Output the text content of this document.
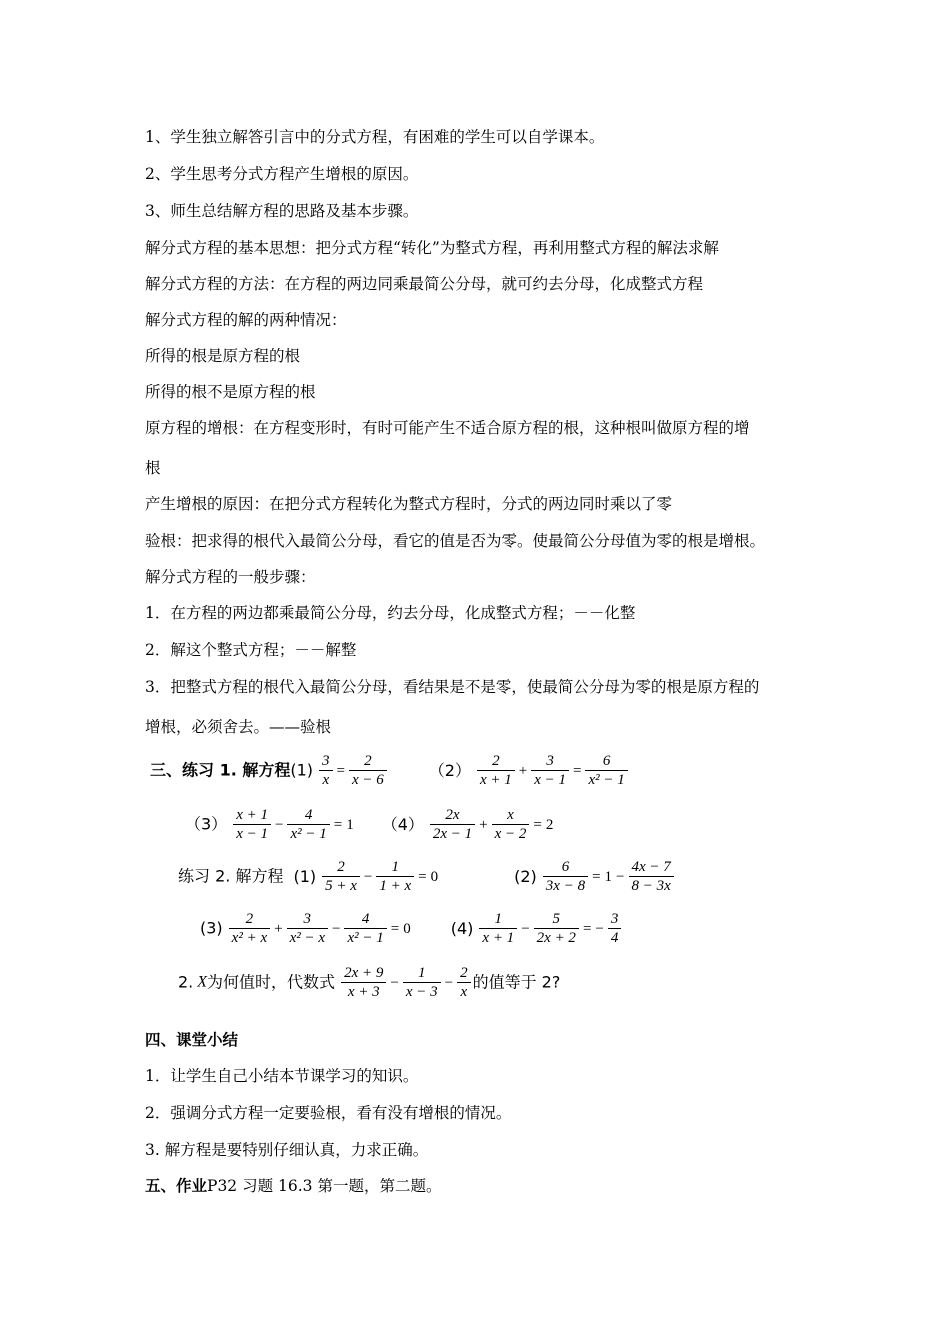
1、学生独立解答引言中的分式方程，有困难的学生可以自学课本。
2、学生思考分式方程产生增根的原因。
3、师生总结解方程的思路及基本步骤。
解分式方程的基本思想：把分式方程“转化”为整式方程，再利用整式方程的解法求解
解分式方程的方法：在方程的两边同乘最简公分母，就可约去分母，化成整式方程
解分式方程的解的两种情况：
所得的根是原方程的根
所得的根不是原方程的根
原方程的增根：在方程变形时，有时可能产生不适合原方程的根，这种根叫做原方程的增
根
产生增根的原因：在把分式方程转化为整式方程时，分式的两边同时乘以了零
验根：把求得的根代入最简公分母，看它的值是否为零。使最简公分母值为零的根是增根。
解分式方程的一般步骤：
1．在方程的两边都乘最简公分母，约去分母，化成整式方程；－－化整
2．解这个整式方程；－－解整
3．把整式方程的根代入最简公分母，看结果是不是零，使最简公分母为零的根是原方程的
增根，必须舍去。——验根
三、练习 1. 解方程$(1) \frac{3}{x} = \frac{2}{x - 6}$	$(2) \frac{2}{x + 1} + \frac{3}{x - 1} = \frac{6}{\text{x² − 1}}$
$(3) \frac{x + 1}{x - 1} - \frac{4}{\text{x² − 1}} = 1$ $(4) \frac{2x}{2x - 1} + \frac{x}{x - 2} = 2$
练习 2. 解方程 $(1) \frac{2}{5 + x} - \frac{1}{1 + x} = 0$	$(2) \frac{6}{3x - 8} = 1 - \frac{4x - 7}{8 - 3x}$
$(3) \frac{2}{\text{x² + x}} + \frac{3}{\text{x² − x}} - \frac{4}{\text{x² − 1}} = 0$	$(4) \frac{1}{x + 1} - \frac{5}{2x + 2}$ = − $\frac{3}{4}$
2. X为何值时，代数式 $\frac{2x + 9}{x + 3} - \frac{1}{x - 3} - \frac{2}{x}$ 的值等于 2?
四、课堂小结
1．让学生自己小结本节课学习的知识。
2．强调分式方程一定要验根，看有没有增根的情况。
3. 解方程是要特别仔细认真，力求正确。
五、作业P32 习题 16.3 第一题，第二题。
